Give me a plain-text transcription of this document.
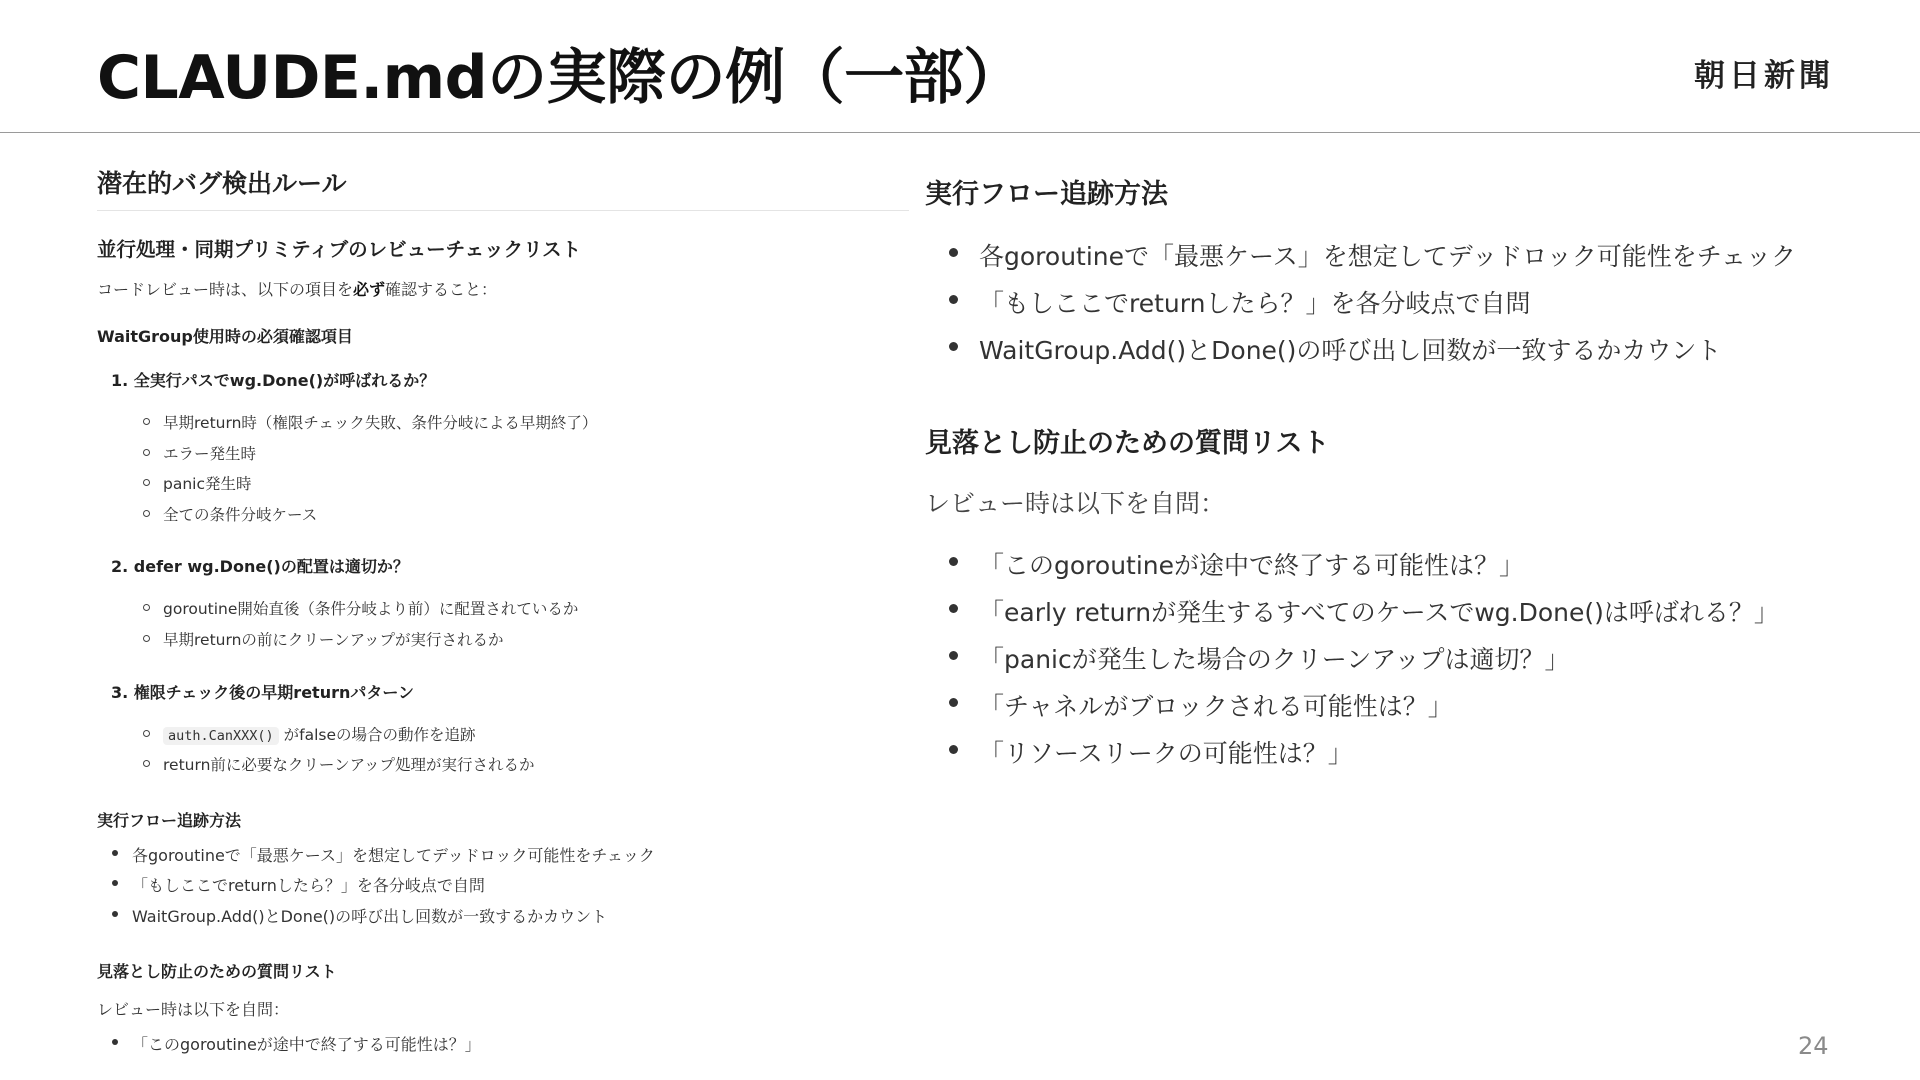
CLAUDE.mdの実際の例（一部）	朝日新聞
潜在的バグ検出ルール
並行処理・同期プリミティブのレビューチェックリスト

コードレビュー時は、以下の項目を必ず確認すること：

WaitGroup使用時の必須確認項目
1. 全実行パスでwg.Done()が呼ばれるか？
早期return時（権限チェック失敗、条件分岐による早期終了）
エラー発生時
panic発生時
全ての条件分岐ケース
2. defer wg.Done()の配置は適切か？
goroutine開始直後（条件分岐より前）に配置されているか
早期returnの前にクリーンアップが実行されるか
3. 権限チェック後の早期returnパターン
auth.CanXXX() がfalseの場合の動作を追跡
return前に必要なクリーンアップ処理が実行されるか
実行フロー追跡方法
各goroutineで「最悪ケース」を想定してデッドロック可能性をチェック
「もしここでreturnしたら？」を各分岐点で自問
WaitGroup.Add()とDone()の呼び出し回数が一致するかカウント
見落とし防止のための質問リスト

レビュー時は以下を自問：

「このgoroutineが途中で終了する可能性は？」
実行フロー追跡方法
各goroutineで「最悪ケース」を想定してデッドロック可能性をチェック
「もしここでreturnしたら？」を各分岐点で自問
WaitGroup.Add()とDone()の呼び出し回数が一致するかカウント
見落とし防止のための質問リスト

レビュー時は以下を自問：

「このgoroutineが途中で終了する可能性は？」
「early returnが発生するすべてのケースでwg.Done()は呼ばれる？」
「panicが発生した場合のクリーンアップは適切？」
「チャネルがブロックされる可能性は？」
「リソースリークの可能性は？」
24
